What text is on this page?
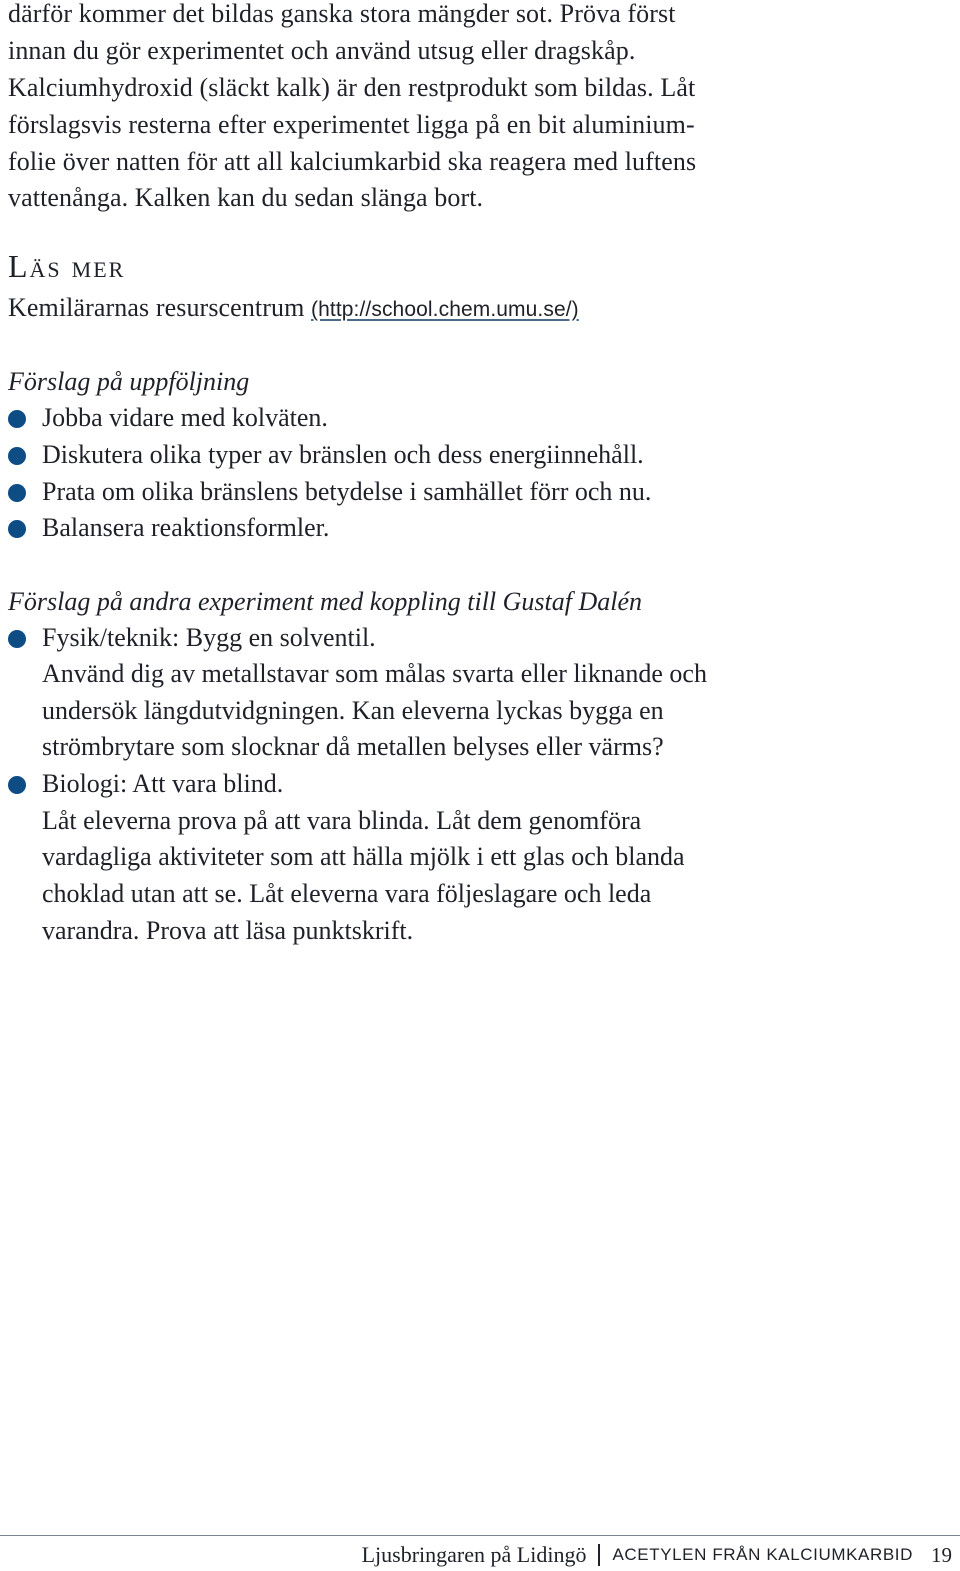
därför kommer det bildas ganska stora mängder sot. Pröva först
innan du gör experimentet och använd utsug eller dragskåp.
Kalciumhydroxid (släckt kalk) är den restprodukt som bildas. Låt
förslagsvis resterna efter experimentet ligga på en bit aluminium-
folie över natten för att all kalciumkarbid ska reagera med luftens
vattenånga. Kalken kan du sedan slänga bort.
Läs mer
Kemilärarnas resurscentrum (http://school.chem.umu.se/)
Förslag på uppföljning
Jobba vidare med kolväten.
Diskutera olika typer av bränslen och dess energiinnehåll.
Prata om olika bränslens betydelse i samhället förr och nu.
Balansera reaktionsformler.
Förslag på andra experiment med koppling till Gustaf Dalén
Fysik/teknik: Bygg en solventil.
Använd dig av metallstavar som målas svarta eller liknande och
undersök längdutvidgningen. Kan eleverna lyckas bygga en
strömbrytare som slocknar då metallen belyses eller värms?
Biologi: Att vara blind.
Låt eleverna prova på att vara blinda. Låt dem genomföra
vardagliga aktiviteter som att hälla mjölk i ett glas och blanda
choklad utan att se. Låt eleverna vara följeslagare och leda
varandra. Prova att läsa punktskrift.
Ljusbringaren på Lidingö ACETYLEN FRÅN KALCIUMKARBID 19
